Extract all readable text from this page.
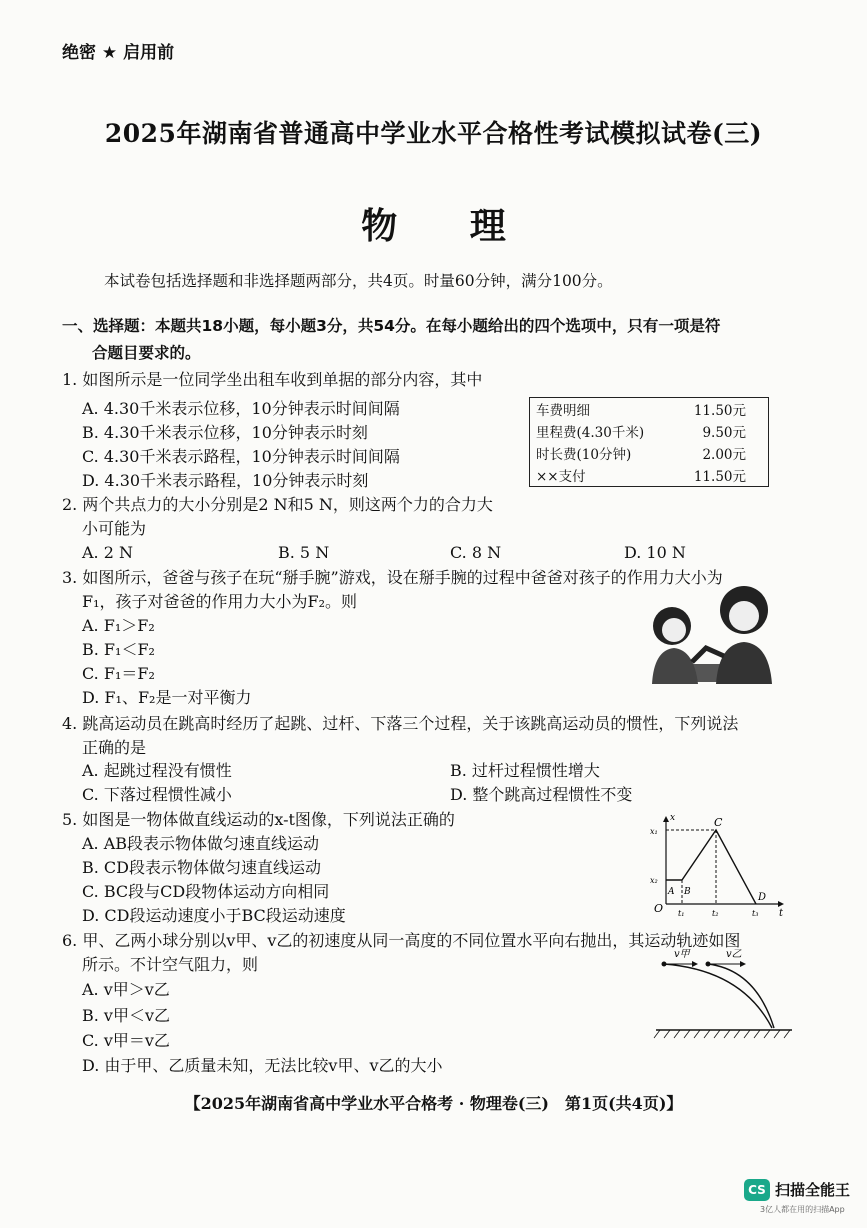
绝密 ★ 启用前
2025年湖南省普通高中学业水平合格性考试模拟试卷(三)
物 理
本试卷包括选择题和非选择题两部分，共4页。时量60分钟，满分100分。
一、选择题：本题共18小题，每小题3分，共54分。在每小题给出的四个选项中，只有一项是符
合题目要求的。
1. 如图所示是一位同学坐出租车收到单据的部分内容，其中
A. 4.30千米表示位移，10分钟表示时间间隔
B. 4.30千米表示位移，10分钟表示时刻
C. 4.30千米表示路程，10分钟表示时间间隔
D. 4.30千米表示路程，10分钟表示时刻
车费明细	11.50元
里程费(4.30千米)	9.50元
时长费(10分钟)	2.00元
××支付	11.50元
2. 两个共点力的大小分别是2 N和5 N，则这两个力的合力大
小可能为
A. 2 N	B. 5 N	C. 8 N	D. 10 N
3. 如图所示，爸爸与孩子在玩“掰手腕”游戏，设在掰手腕的过程中爸爸对孩子的作用力大小为
F₁，孩子对爸爸的作用力大小为F₂。则
A. F₁＞F₂
B. F₁＜F₂
C. F₁＝F₂
D. F₁、F₂是一对平衡力
4. 跳高运动员在跳高时经历了起跳、过杆、下落三个过程，关于该跳高运动员的惯性，下列说法
正确的是
A. 起跳过程没有惯性	B. 过杆过程惯性增大
C. 下落过程惯性减小	D. 整个跳高过程惯性不变
5. 如图是一物体做直线运动的x-t图像，下列说法正确的
A. AB段表示物体做匀速直线运动
B. CD段表示物体做匀速直线运动
C. BC段与CD段物体运动方向相同
D. CD段运动速度小于BC段运动速度
x
t
O
x₁
x₂
t₁	t₂	t₃
A B
C
D
6. 甲、乙两小球分别以v甲、v乙的初速度从同一高度的不同位置水平向右抛出，其运动轨迹如图
所示。不计空气阻力，则
A. v甲＞v乙
B. v甲＜v乙
C. v甲＝v乙
D. 由于甲、乙质量未知，无法比较v甲、v乙的大小
v甲	v乙
【2025年湖南省高中学业水平合格考 · 物理卷(三)　第1页(共4页)】
CS 扫描全能王
3亿人都在用的扫描App
